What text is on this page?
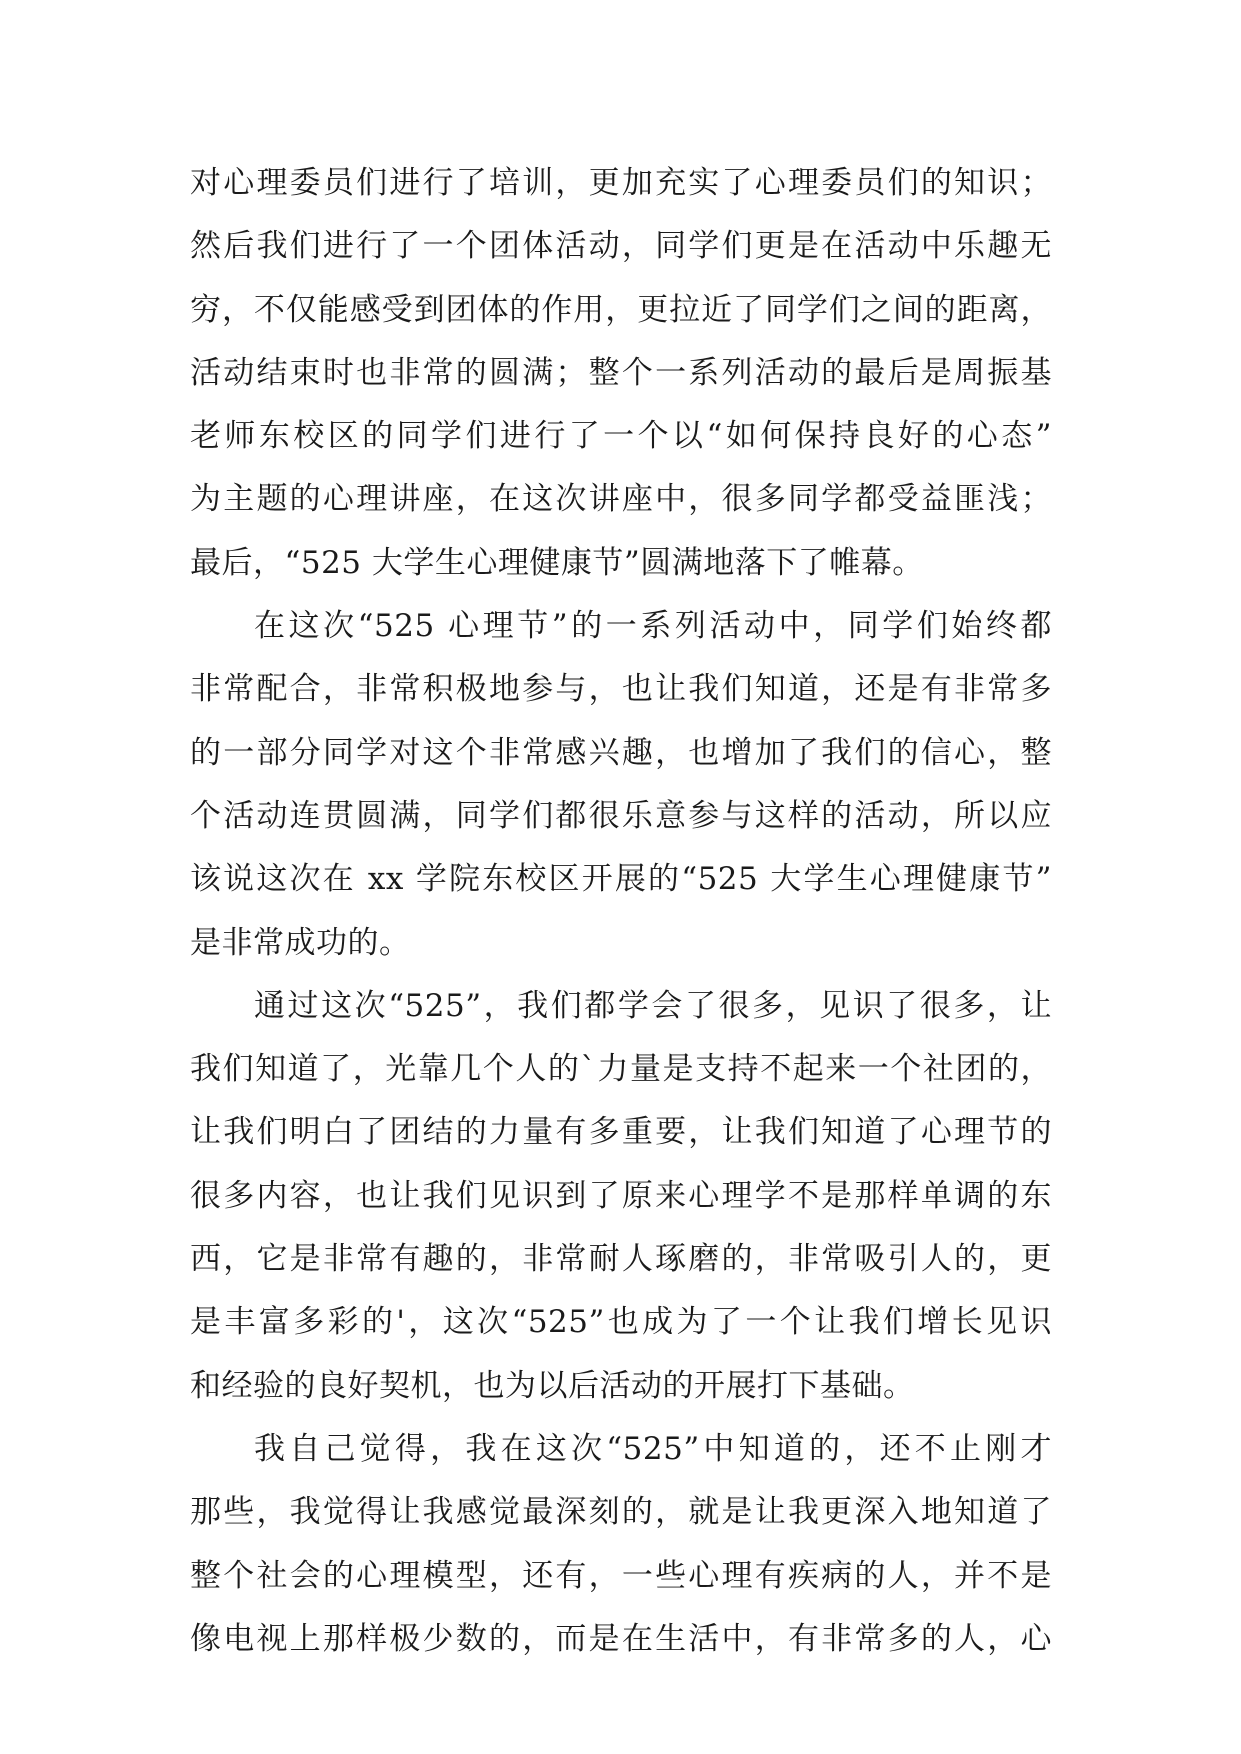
对心理委员们进行了培训，更加充实了心理委员们的知识；
然后我们进行了一个团体活动，同学们更是在活动中乐趣无
穷，不仅能感受到团体的作用，更拉近了同学们之间的距离，
活动结束时也非常的圆满；整个一系列活动的最后是周振基
老师东校区的同学们进行了一个以“如何保持良好的心态”
为主题的心理讲座，在这次讲座中，很多同学都受益匪浅；
最后，“525 大学生心理健康节”圆满地落下了帷幕。
在这次“525 心理节”的一系列活动中，同学们始终都
非常配合，非常积极地参与，也让我们知道，还是有非常多
的一部分同学对这个非常感兴趣，也增加了我们的信心，整
个活动连贯圆满，同学们都很乐意参与这样的活动，所以应
该说这次在 xx 学院东校区开展的“525 大学生心理健康节”
是非常成功的。
通过这次“525”，我们都学会了很多，见识了很多，让
我们知道了，光靠几个人的`力量是支持不起来一个社团的，
让我们明白了团结的力量有多重要，让我们知道了心理节的
很多内容，也让我们见识到了原来心理学不是那样单调的东
西，它是非常有趣的，非常耐人琢磨的，非常吸引人的，更
是丰富多彩的'，这次“525”也成为了一个让我们增长见识
和经验的良好契机，也为以后活动的开展打下基础。
我自己觉得，我在这次“525”中知道的，还不止刚才
那些，我觉得让我感觉最深刻的，就是让我更深入地知道了
整个社会的心理模型，还有，一些心理有疾病的人，并不是
像电视上那样极少数的，而是在生活中，有非常多的人，心
